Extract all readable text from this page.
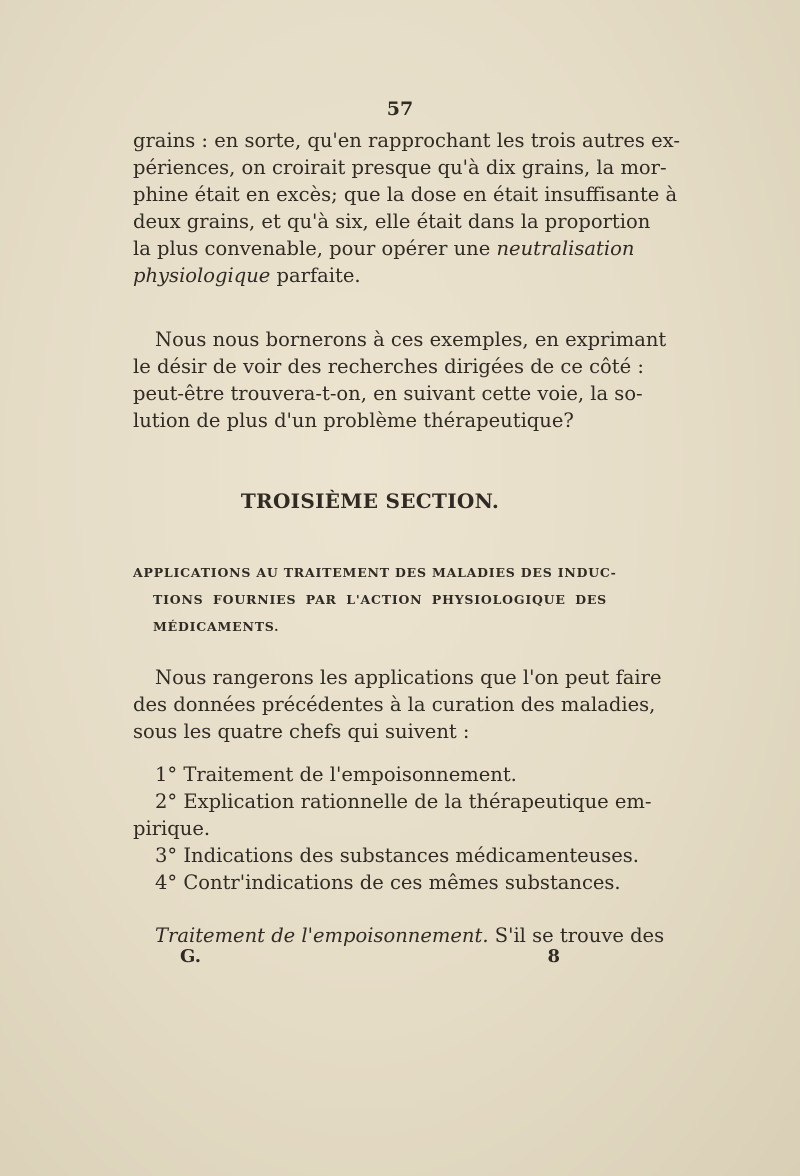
57
grains : en sorte, qu'en rapprochant les trois autres ex-
périences, on croirait presque qu'à dix grains, la mor-
phine était en excès; que la dose en était insuffisante à
deux grains, et qu'à six, elle était dans la proportion
la plus convenable, pour opérer une neutralisation
physiologique parfaite.
Nous nous bornerons à ces exemples, en exprimant
le désir de voir des recherches dirigées de ce côté :
peut-être trouvera-t-on, en suivant cette voie, la so-
lution de plus d'un problème thérapeutique?
TROISIÈME SECTION.
APPLICATIONS AU TRAITEMENT DES MALADIES DES INDUC-
TIONS FOURNIES PAR L'ACTION PHYSIOLOGIQUE DES
MÉDICAMENTS.
Nous rangerons les applications que l'on peut faire
des données précédentes à la curation des maladies,
sous les quatre chefs qui suivent :
1° Traitement de l'empoisonnement.
2° Explication rationnelle de la thérapeutique em-
pirique.
3° Indications des substances médicamenteuses.
4° Contr'indications de ces mêmes substances.
Traitement de l'empoisonnement. S'il se trouve des
G.	8
